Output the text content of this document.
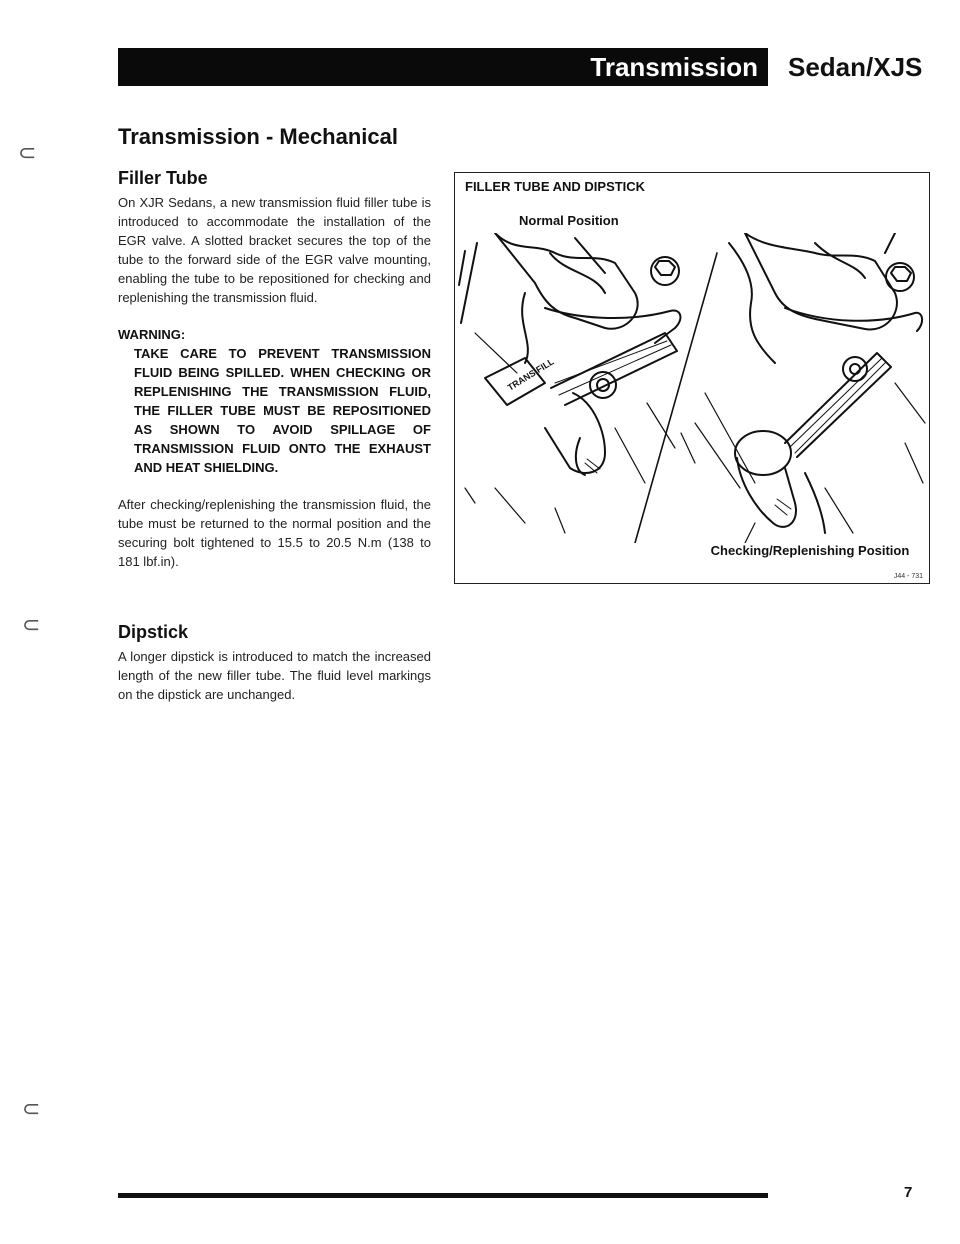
Transmission Sedan/XJS
⊂
Transmission - Mechanical
Filler Tube

On XJR Sedans, a new transmission fluid filler tube is introduced to accommodate the installation of the EGR valve. A slotted bracket secures the top of the tube to the forward side of the EGR valve mounting, enabling the tube to be repositioned for checking and replenishing the transmission fluid.

WARNING:

TAKE CARE TO PREVENT TRANSMISSION FLUID BEING SPILLED. WHEN CHECKING OR REPLENISHING THE TRANSMISSION FLUID, THE FILLER TUBE MUST BE REPOSITIONED AS SHOWN TO AVOID SPILLAGE OF TRANSMISSION FLUID ONTO THE EXHAUST AND HEAT SHIELDING.

After checking/replenishing the transmission fluid, the tube must be returned to the normal position and the securing bolt tightened to 15.5 to 20.5 N.m (138 to 181 lbf.in).

Dipstick

A longer dipstick is introduced to match the increased length of the new filler tube. The fluid level markings on the dipstick are unchanged.

FILLER TUBE AND DIPSTICK
Normal Position
TRANS FILL
Checking/Replenishing Position
J44 - 731
⊂
⊂
7
